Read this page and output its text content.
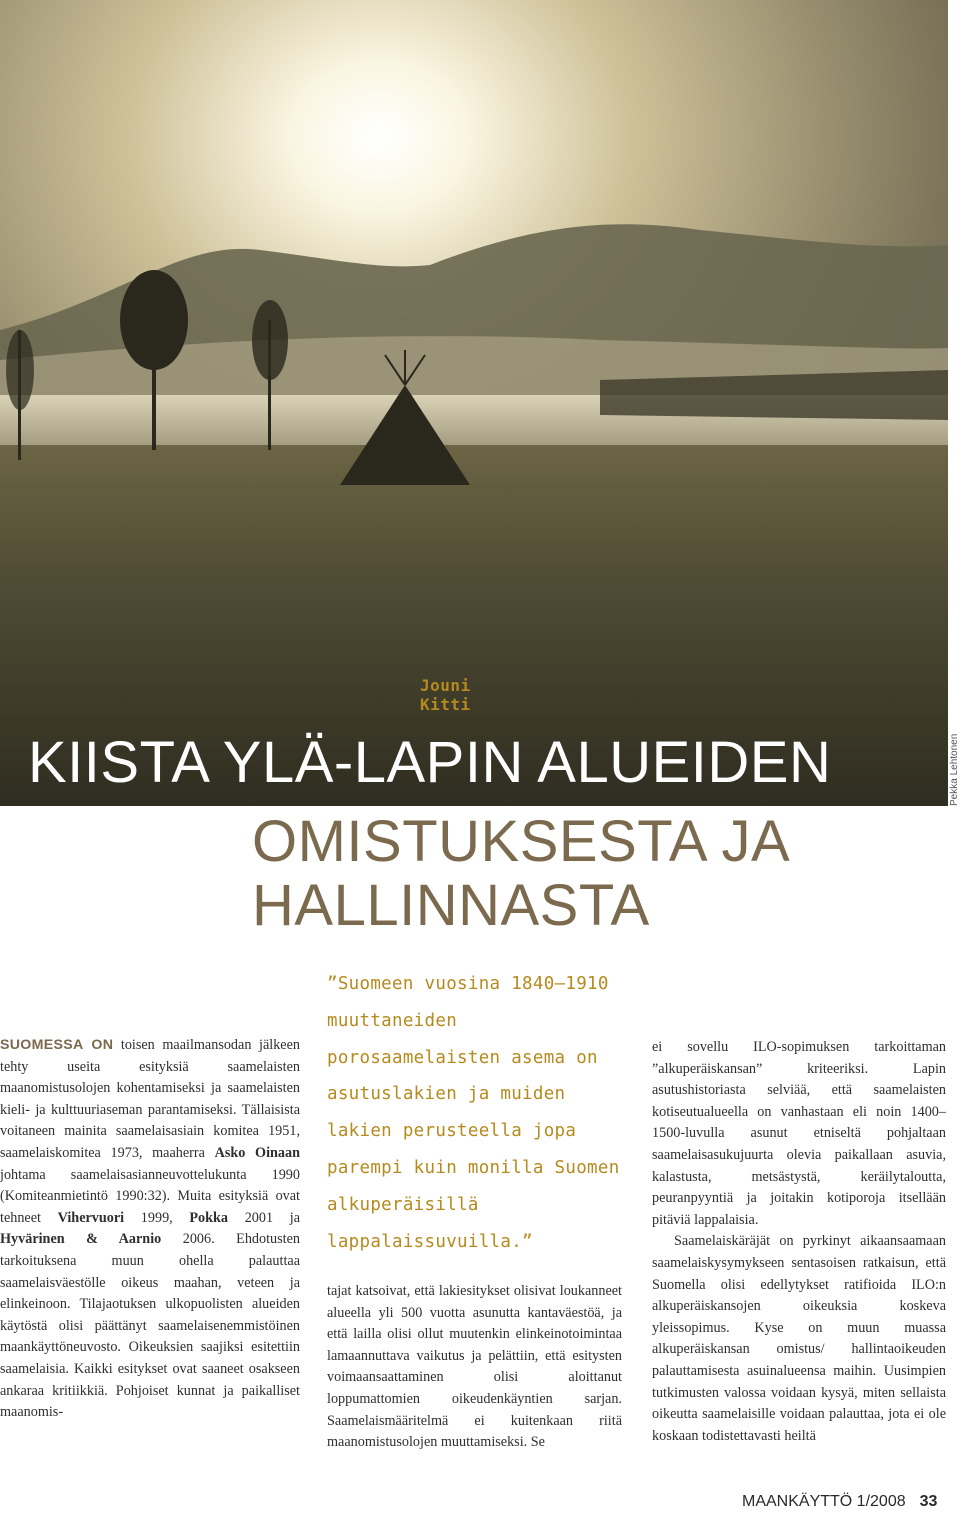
Pekka Lehtonen
Jouni Kitti
KIISTA YLÄ-LAPIN ALUEIDEN
OMISTUKSESTA JA HALLINNASTA

SUOMESSA ON toisen maailmansodan jälkeen tehty useita esityksiä saamelaisten maanomistusolojen kohentamiseksi ja saamelaisten kieli- ja kulttuuriaseman parantamiseksi. Tällaisista voitaneen mainita saamelaisasiain komitea 1951, saamelaiskomitea 1973, maaherra Asko Oinaan johtama saamelaisasianneuvottelukunta 1990 (Komiteanmietintö 1990:32). Muita esityksiä ovat tehneet Vihervuori 1999, Pokka 2001 ja Hyvärinen & Aarnio 2006. Ehdotusten tarkoituksena muun ohella palauttaa saamelaisväestölle oikeus maahan, veteen ja elinkeinoon. Tilajaotuksen ulkopuolisten alueiden käytöstä olisi päättänyt saamelaisenemmistöinen maankäyttöneuvosto. Oikeuksien saajiksi esitettiin saamelaisia. Kaikki esitykset ovat saaneet osakseen ankaraa kritiikkiä. Pohjoiset kunnat ja paikalliset maanomis-

”Suomeen vuosina 1840–1910 muuttaneiden porosaamelaisten asema on asutuslakien ja muiden lakien perusteella jopa parempi kuin monilla Suomen alkuperäisillä lappalaissuvuilla.”

tajat katsoivat, että lakiesitykset olisivat loukanneet alueella yli 500 vuotta asunutta kantaväestöä, ja että lailla olisi ollut muutenkin elinkeinotoimintaa lamaannuttava vaikutus ja pelättiin, että esitysten voimaansaattaminen olisi aloittanut loppumattomien oikeudenkäyntien sarjan. Saamelaismääritelmä ei kuitenkaan riitä maanomistusolojen muuttamiseksi. Se

ei sovellu ILO-sopimuksen tarkoittaman ”alkuperäiskansan” kriteeriksi. Lapin asutushistoriasta selviää, että saamelaisten kotiseutualueella on vanhastaan eli noin 1400–1500-luvulla asunut etniseltä pohjaltaan saamelaisasukujuurta olevia paikallaan asuvia, kalastusta, metsästystä, keräilytaloutta, peuranpyyntiä ja joitakin kotiporoja itsellään pitäviä lappalaisia.

Saamelaiskäräjät on pyrkinyt aikaansaamaan saamelaiskysymykseen sentasoisen ratkaisun, että Suomella olisi edellytykset ratifioida ILO:n alkuperäiskansojen oikeuksia koskeva yleissopimus. Kyse on muun muassa alkuperäiskansan omistus/ hallintaoikeuden palauttamisesta asuinalueensa maihin. Uusimpien tutkimusten valossa voidaan kysyä, miten sellaista oikeutta saamelaisille voidaan palauttaa, jota ei ole koskaan todistettavasti heiltä

MAANKÄYTTÖ 1/2008 33
